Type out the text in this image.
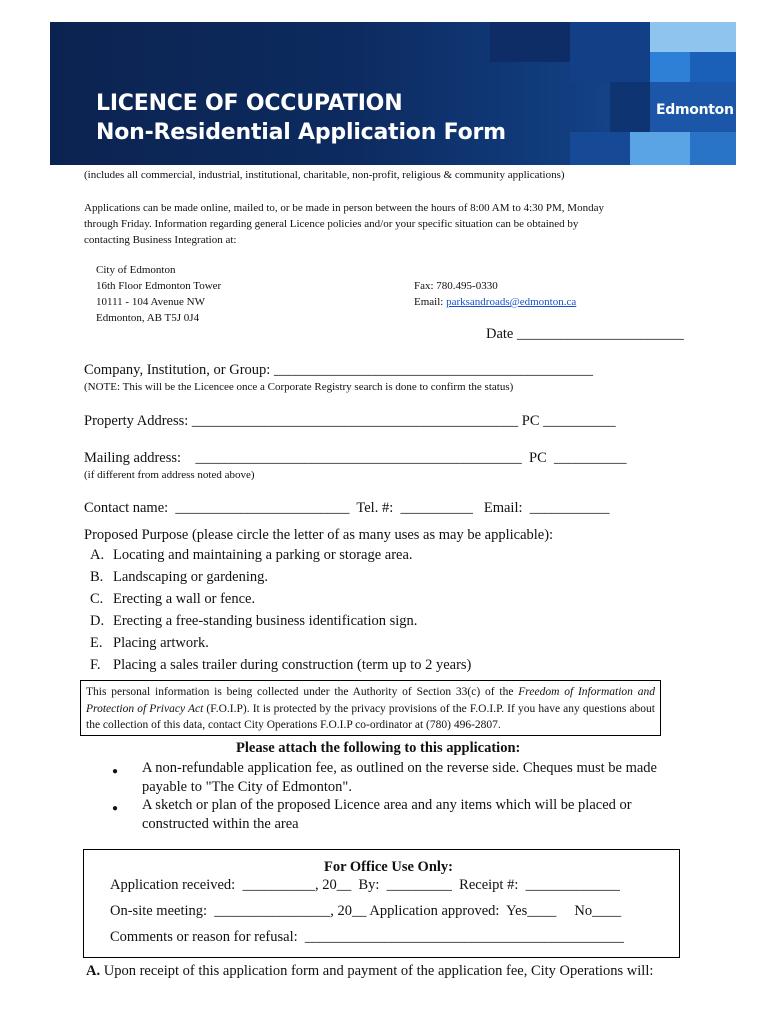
LICENCE OF OCCUPATION
Non-Residential Application Form
Edmonton
(includes all commercial, industrial, institutional, charitable, non-profit, religious & community applications)
Applications can be made online, mailed to, or be made in person between the hours of 8:00 AM to 4:30 PM, Monday
through Friday. Information regarding general Licence policies and/or your specific situation can be obtained by
contacting Business Integration at:
City of Edmonton
16th Floor Edmonton Tower
10111 - 104 Avenue NW
Edmonton, AB T5J 0J4
Fax: 780.495-0330
Email: parksandroads@edmonton.ca
Date _______________________
Company, Institution, or Group: ____________________________________________
(NOTE: This will be the Licencee once a Corporate Registry search is done to confirm the status)
Property Address: _____________________________________________ PC __________
Mailing address:    _____________________________________________  PC  __________
(if different from address noted above)
Contact name:  ________________________  Tel. #:  __________   Email:  ___________
Proposed Purpose (please circle the letter of as many uses as may be applicable):
A. Locating and maintaining a parking or storage area.
B. Landscaping or gardening.
C. Erecting a wall or fence.
D. Erecting a free-standing business identification sign.
E. Placing artwork.
F. Placing a sales trailer during construction (term up to 2 years)
This personal information is being collected under the Authority of Section 33(c) of the Freedom of Information and Protection of Privacy Act (F.O.I.P). It is protected by the privacy provisions of the F.O.I.P. If you have any questions about the collection of this data, contact City Operations F.O.I.P co-ordinator at (780) 496-2807.
Please attach the following to this application:
● A non-refundable application fee, as outlined on the reverse side. Cheques must be made
payable to "The City of Edmonton".
● A sketch or plan of the proposed Licence area and any items which will be placed or
constructed within the area
For Office Use Only:
Application received:  __________, 20__  By:  _________  Receipt #:  _____________
On-site meeting:  ________________, 20__ Application approved:  Yes____     No____
Comments or reason for refusal:  ____________________________________________
A. Upon receipt of this application form and payment of the application fee, City Operations will:
